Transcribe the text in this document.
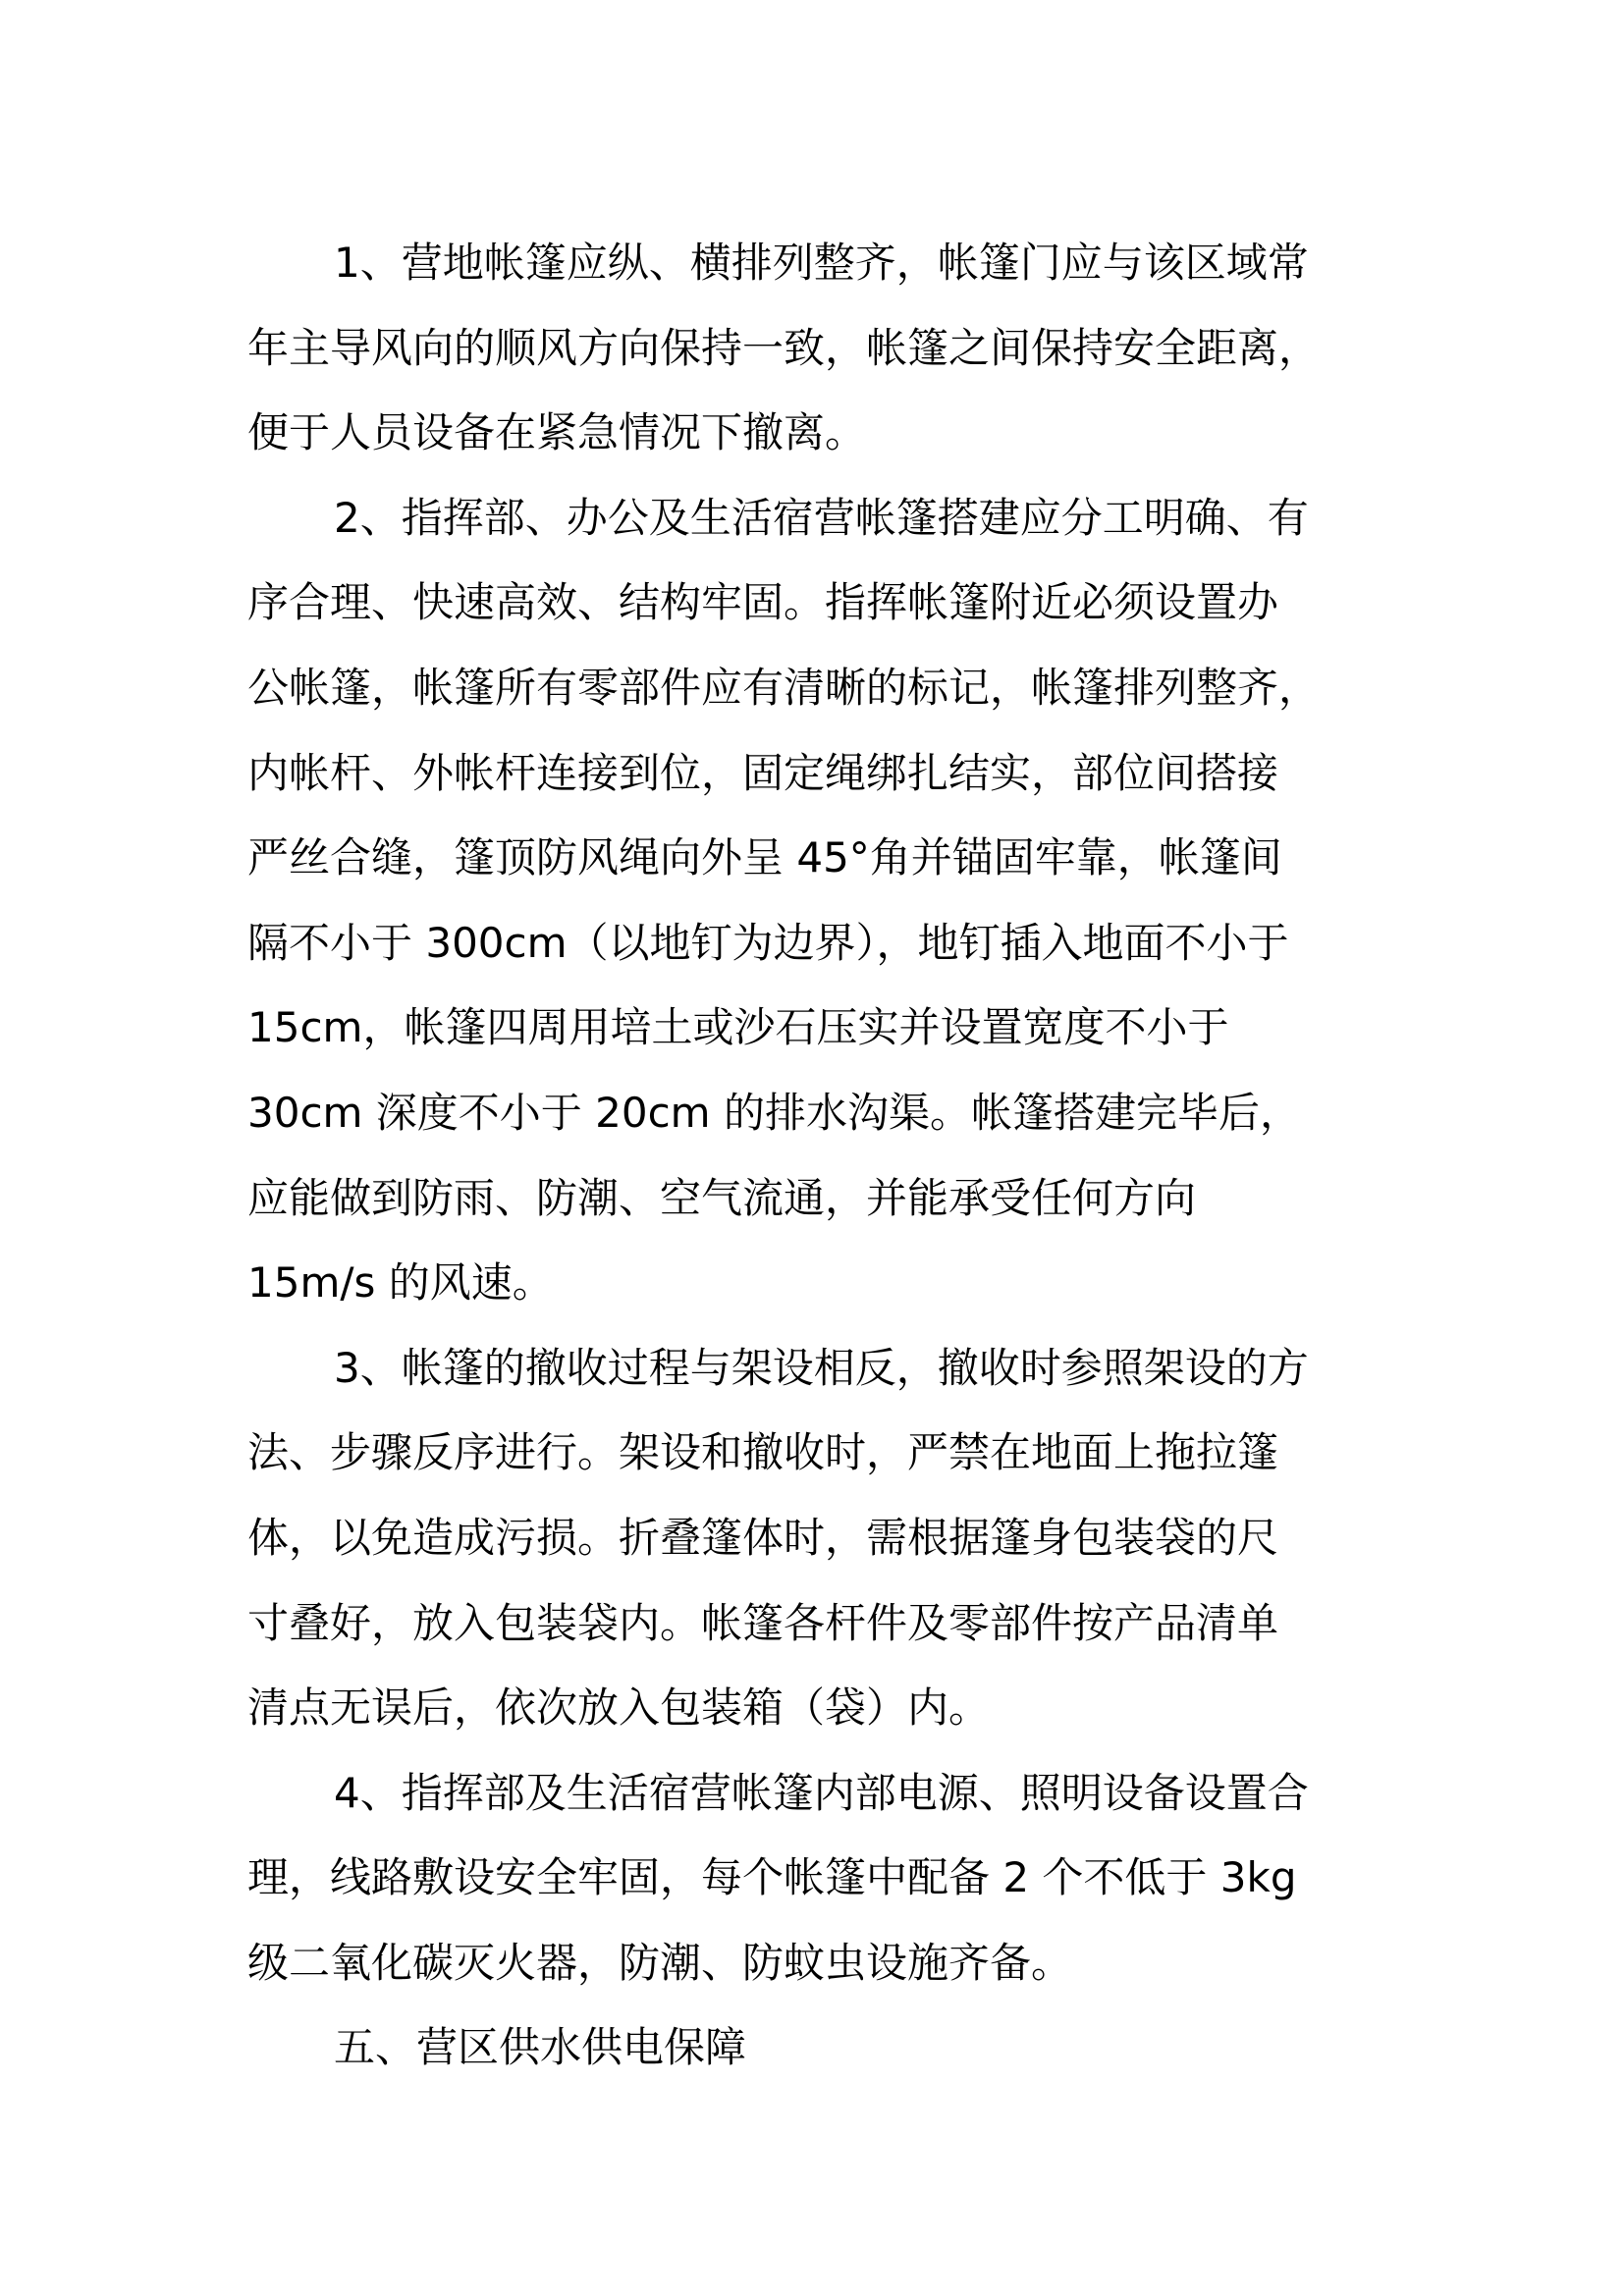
1、营地帐篷应纵、横排列整齐，帐篷门应与该区域常
年主导风向的顺风方向保持一致，帐篷之间保持安全距离，
便于人员设备在紧急情况下撤离。
2、指挥部、办公及生活宿营帐篷搭建应分工明确、有
序合理、快速高效、结构牢固。指挥帐篷附近必须设置办
公帐篷，帐篷所有零部件应有清晰的标记，帐篷排列整齐，
内帐杆、外帐杆连接到位，固定绳绑扎结实，部位间搭接
严丝合缝，篷顶防风绳向外呈 45°角并锚固牢靠，帐篷间
隔不小于 300cm（以地钉为边界），地钉插入地面不小于
15cm，帐篷四周用培土或沙石压实并设置宽度不小于
30cm 深度不小于 20cm 的排水沟渠。帐篷搭建完毕后，
应能做到防雨、防潮、空气流通，并能承受任何方向
15m/s 的风速。
3、帐篷的撤收过程与架设相反，撤收时参照架设的方
法、步骤反序进行。架设和撤收时，严禁在地面上拖拉篷
体，以免造成污损。折叠篷体时，需根据篷身包装袋的尺
寸叠好，放入包装袋内。帐篷各杆件及零部件按产品清单
清点无误后，依次放入包装箱（袋）内。
4、指挥部及生活宿营帐篷内部电源、照明设备设置合
理，线路敷设安全牢固，每个帐篷中配备 2 个不低于 3kg
级二氧化碳灭火器，防潮、防蚊虫设施齐备。
五、营区供水供电保障
